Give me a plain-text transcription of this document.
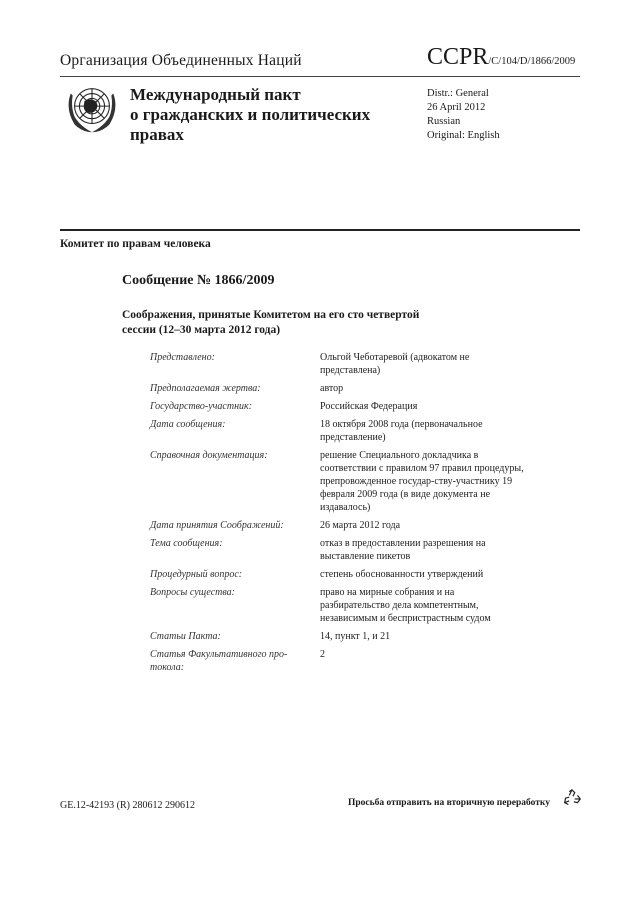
Организация Объединенных Наций	CCPR/C/104/D/1866/2009
Международный пакт
о гражданских и политических
правах
Distr.: General
26 April 2012
Russian
Original: English
Комитет по правам человека
Сообщение № 1866/2009
Соображения, принятые Комитетом на его сто четвертой
сессии (12–30 марта 2012 года)
Представлено:	Ольгой Чеботаревой (адвокатом не представлена)
Предполагаемая жертва:	автор
Государство-участник:	Российская Федерация
Дата сообщения:	18 октября 2008 года (первоначальное представление)
Справочная документация:	решение Специального докладчика в соответствии с правилом 97 правил процедуры, препровожденное государ-ству-участнику 19 февраля 2009 года (в виде документа не издавалось)
Дата принятия Соображений:	26 марта 2012 года
Тема сообщения:	отказ в предоставлении разрешения на выставление пикетов
Процедурный вопрос:	степень обоснованности утверждений
Вопросы существа:	право на мирные собрания и на разбирательство дела компетентным, независимым и беспристрастным судом
Статьи Пакта:	14, пункт 1, и 21
Статья Факультативного про-токола:
2
GE.12-42193 (R) 280612 290612	Просьба отправить на вторичную переработку
